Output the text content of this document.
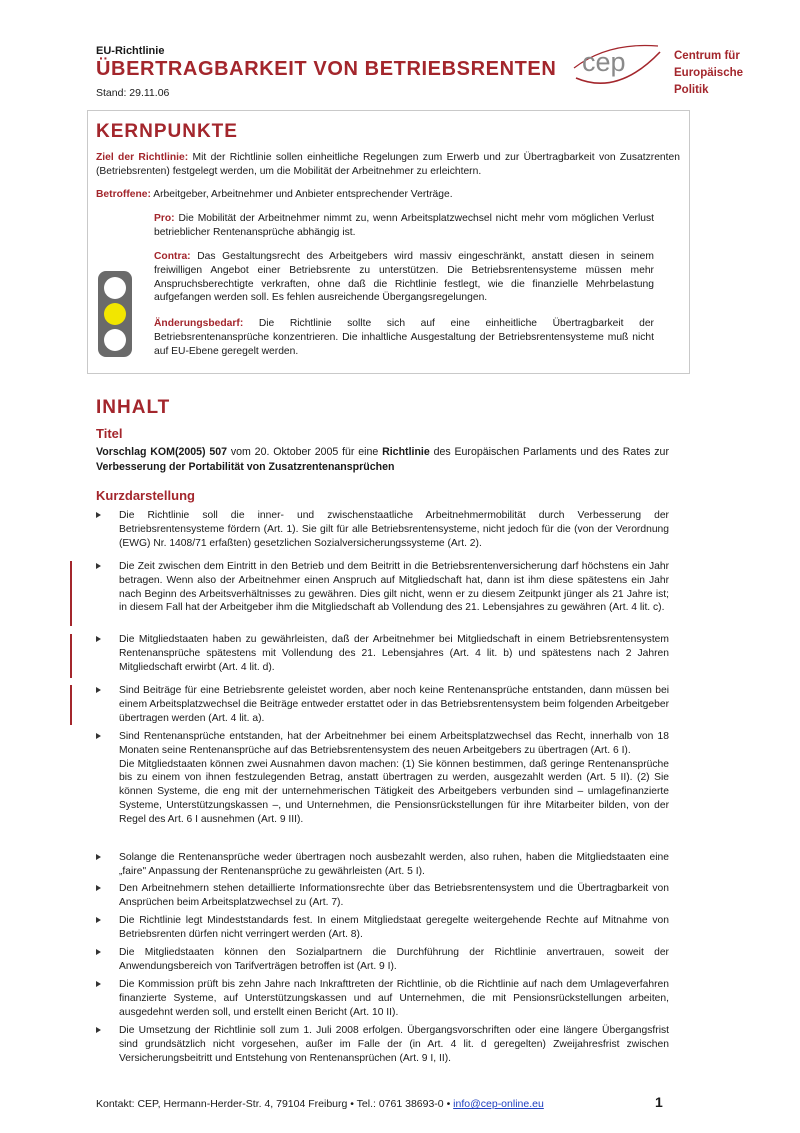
EU-Richtlinie
ÜBERTRAGBARKEIT VON BETRIEBSRENTEN
Stand: 29.11.06
cep	Centrum für
Europäische
Politik
KERNPUNKTE
Ziel der Richtlinie: Mit der Richtlinie sollen einheitliche Regelungen zum Erwerb und zur Übertragbarkeit von Zusatzrenten (Betriebsrenten) festgelegt werden, um die Mobilität der Arbeitnehmer zu erleichtern.
Betroffene: Arbeitgeber, Arbeitnehmer und Anbieter entsprechender Verträge.
Pro: Die Mobilität der Arbeitnehmer nimmt zu, wenn Arbeitsplatzwechsel nicht mehr vom möglichen Verlust betrieblicher Rentenansprüche abhängig ist.
Contra: Das Gestaltungsrecht des Arbeitgebers wird massiv eingeschränkt, anstatt diesen in seinem freiwilligen Angebot einer Betriebsrente zu unterstützen. Die Betriebsrentensysteme müssen mehr Anspruchsberechtigte verkraften, ohne daß die Richtlinie festlegt, wie die finanzielle Mehrbelastung aufgefangen werden soll. Es fehlen ausreichende Übergangsregelungen.
Änderungsbedarf: Die Richtlinie sollte sich auf eine einheitliche Übertragbarkeit der Betriebsrentenansprüche konzentrieren. Die inhaltliche Ausgestaltung der Betriebsrentensysteme muß nicht auf EU-Ebene geregelt werden.
INHALT
Titel
Vorschlag KOM(2005) 507 vom 20. Oktober 2005 für eine Richtlinie des Europäischen Parlaments und des Rates zur Verbesserung der Portabilität von Zusatzrentenansprüchen
Kurzdarstellung
Die Richtlinie soll die inner- und zwischenstaatliche Arbeitnehmermobilität durch Verbesserung der Betriebsrentensysteme fördern (Art. 1). Sie gilt für alle Betriebsrentensysteme, nicht jedoch für die (von der Verordnung (EWG) Nr. 1408/71 erfaßten) gesetzlichen Sozialversicherungssysteme (Art. 2).
Die Zeit zwischen dem Eintritt in den Betrieb und dem Beitritt in die Betriebsrentenversicherung darf höchstens ein Jahr betragen. Wenn also der Arbeitnehmer einen Anspruch auf Mitgliedschaft hat, dann ist ihm diese spätestens ein Jahr nach Beginn des Arbeitsverhältnisses zu gewähren. Dies gilt nicht, wenn er zu diesem Zeitpunkt jünger als 21 Jahre ist; in diesem Fall hat der Arbeitgeber ihm die Mitgliedschaft ab Vollendung des 21. Lebensjahres zu gewähren (Art. 4 lit. c).
Die Mitgliedstaaten haben zu gewährleisten, daß der Arbeitnehmer bei Mitgliedschaft in einem Betriebsrentensystem Rentenansprüche spätestens mit Vollendung des 21. Lebensjahres (Art. 4 lit. b) und spätestens nach 2 Jahren Mitgliedschaft erwirbt (Art. 4 lit. d).
Sind Beiträge für eine Betriebsrente geleistet worden, aber noch keine Rentenansprüche entstanden, dann müssen bei einem Arbeitsplatzwechsel die Beiträge entweder erstattet oder in das Betriebsrentensystem beim folgenden Arbeitgeber übertragen werden (Art. 4 lit. a).
Sind Rentenansprüche entstanden, hat der Arbeitnehmer bei einem Arbeitsplatzwechsel das Recht, innerhalb von 18 Monaten seine Rentenansprüche auf das Betriebsrentensystem des neuen Arbeitgebers zu übertragen (Art. 6 I).
Die Mitgliedstaaten können zwei Ausnahmen davon machen: (1) Sie können bestimmen, daß geringe Rentenansprüche bis zu einem von ihnen festzulegenden Betrag, anstatt übertragen zu werden, ausgezahlt werden (Art. 5 II). (2) Sie können Systeme, die eng mit der unternehmerischen Tätigkeit des Arbeitgebers verbunden sind – umlagefinanzierte Systeme, Unterstützungskassen –, und Unternehmen, die Pensionsrückstellungen für ihre Mitarbeiter bilden, von der Regel des Art. 6 I ausnehmen (Art. 9 III).
Solange die Rentenansprüche weder übertragen noch ausbezahlt werden, also ruhen, haben die Mitgliedstaaten eine „faire" Anpassung der Rentenansprüche zu gewährleisten (Art. 5 I).
Den Arbeitnehmern stehen detaillierte Informationsrechte über das Betriebsrentensystem und die Übertragbarkeit von Ansprüchen beim Arbeitsplatzwechsel zu (Art. 7).
Die Richtlinie legt Mindeststandards fest. In einem Mitgliedstaat geregelte weitergehende Rechte auf Mitnahme von Betriebsrenten dürfen nicht verringert werden (Art. 8).
Die Mitgliedstaaten können den Sozialpartnern die Durchführung der Richtlinie anvertrauen, soweit der Anwendungsbereich von Tarifverträgen betroffen ist (Art. 9 I).
Die Kommission prüft bis zehn Jahre nach Inkrafttreten der Richtlinie, ob die Richtlinie auf nach dem Umlageverfahren finanzierte Systeme, auf Unterstützungskassen und auf Unternehmen, die mit Pensionsrückstellungen arbeiten, ausgedehnt werden soll, und erstellt einen Bericht (Art. 10 II).
Die Umsetzung der Richtlinie soll zum 1. Juli 2008 erfolgen. Übergangsvorschriften oder eine längere Übergangsfrist sind grundsätzlich nicht vorgesehen, außer im Falle der (in Art. 4 lit. d geregelten) Zweijahresfrist zwischen Versicherungsbeitritt und Entstehung von Rentenansprüchen (Art. 9 I, II).
Kontakt: CEP, Hermann-Herder-Str. 4, 79104 Freiburg • Tel.: 0761 38693-0 • info@cep-online.eu	1
